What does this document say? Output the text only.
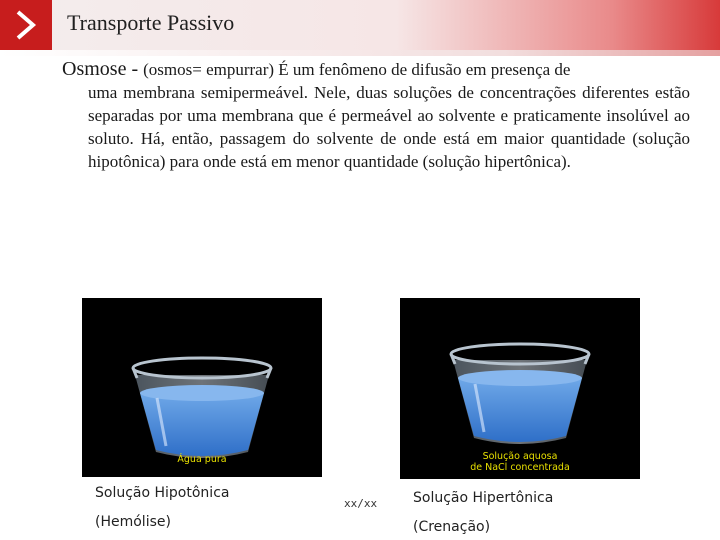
Transporte Passivo
Osmose - (osmos= empurrar) É um fenômeno de difusão em presença de
uma membrana semipermeável. Nele, duas soluções de concentrações diferentes estão separadas por uma membrana que é permeável ao solvente e praticamente insolúvel ao soluto. Há, então, passagem do solvente de onde está em maior quantidade (solução hipotônica) para onde está em menor quantidade (solução hipertônica).
Água pura	Solução aquosa
de NaCl concentrada
Solução Hipotônica
(Hemólise)
xx/xx	Solução Hipertônica
(Crenação)
